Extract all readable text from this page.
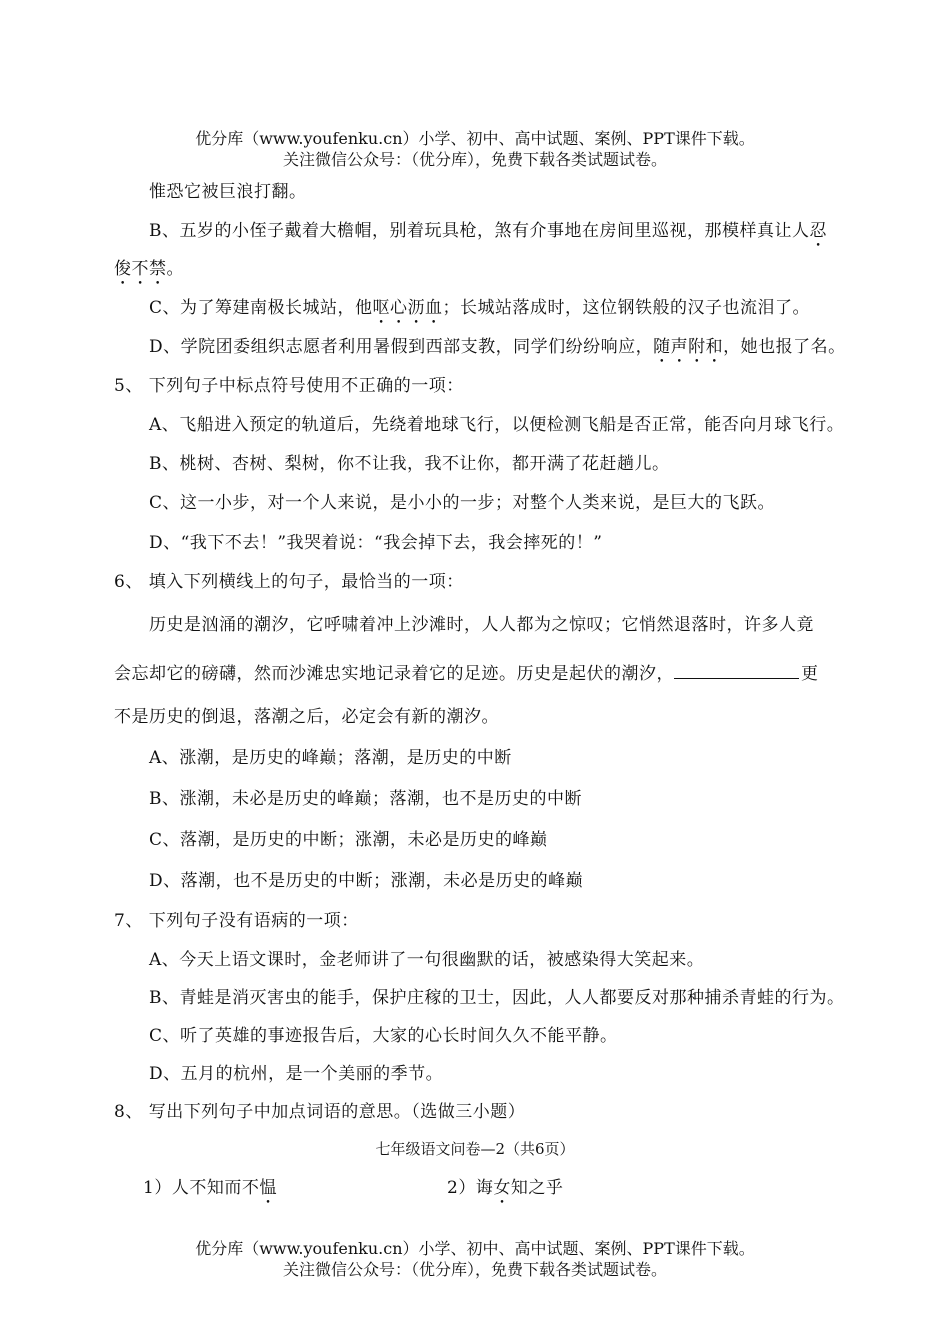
优分库（www.youfenku.cn）小学、初中、高中试题、案例、PPT课件下载。
关注微信公众号：（优分库），免费下载各类试题试卷。
惟恐它被巨浪打翻。
B、五岁的小侄子戴着大檐帽，别着玩具枪，煞有介事地在房间里巡视，那模样真让人忍
俊不禁。
C、为了筹建南极长城站，他呕心沥血；长城站落成时，这位钢铁般的汉子也流泪了。
D、学院团委组织志愿者利用暑假到西部支教，同学们纷纷响应，随声附和，她也报了名。
5、 下列句子中标点符号使用不正确的一项：
A、飞船进入预定的轨道后，先绕着地球飞行，以便检测飞船是否正常，能否向月球飞行。
B、桃树、杏树、梨树，你不让我，我不让你，都开满了花赶趟儿。
C、这一小步，对一个人来说，是小小的一步；对整个人类来说，是巨大的飞跃。
D、“我下不去！”我哭着说：“我会掉下去，我会摔死的！”
6、 填入下列横线上的句子，最恰当的一项：
历史是汹涌的潮汐，它呼啸着冲上沙滩时，人人都为之惊叹；它悄然退落时，许多人竟
会忘却它的磅礴，然而沙滩忠实地记录着它的足迹。历史是起伏的潮汐，	更
不是历史的倒退，落潮之后，必定会有新的潮汐。
A、涨潮，是历史的峰巅；落潮，是历史的中断
B、涨潮，未必是历史的峰巅；落潮，也不是历史的中断
C、落潮，是历史的中断；涨潮，未必是历史的峰巅
D、落潮，也不是历史的中断；涨潮，未必是历史的峰巅
7、 下列句子没有语病的一项：
A、今天上语文课时，金老师讲了一句很幽默的话，被感染得大笑起来。
B、青蛙是消灭害虫的能手，保护庄稼的卫士，因此，人人都要反对那种捕杀青蛙的行为。
C、听了英雄的事迹报告后，大家的心长时间久久不能平静。
D、五月的杭州，是一个美丽的季节。
8、 写出下列句子中加点词语的意思。（选做三小题）
七年级语文问卷—2（共6页）
1）人不知而不愠	2）诲女知之乎
优分库（www.youfenku.cn）小学、初中、高中试题、案例、PPT课件下载。
关注微信公众号：（优分库），免费下载各类试题试卷。
